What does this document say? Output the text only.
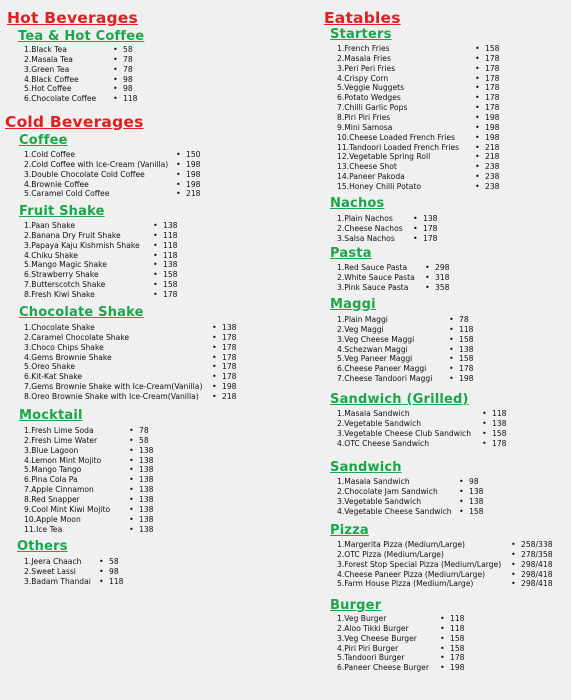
Hot Beverages
Tea & Hot Coffee
Cold Beverages
Coffee
Fruit Shake
Chocolate Shake
Mocktail
Others
Eatables
Starters
Nachos
Pasta
Maggi
Sandwich (Grilled)
Sandwich
Pizza
Burger
1.Black Tea	• 58
2.Masala Tea	• 78
3.Green Tea	• 78
4.Black Coffee	• 98
5.Hot Coffee	• 98
6.Chocolate Coffee	• 118
1.Cold Coffee	• 150
2.Cold Coffee with Ice-Cream (Vanilla) • 198
3.Double Chocolate Cold Coffee	• 198
4.Brownie Coffee	• 198
5.Caramel Cold Coffee	• 218
1.Paan Shake	• 138
2.Banana Dry Fruit Shake	• 118
3.Papaya Kaju Kishmish Shake	• 118
4.Chiku Shake	• 118
5.Mango Magic Shake	• 138
6.Strawberry Shake	• 158
7.Butterscotch Shake	• 158
8.Fresh Kiwi Shake	• 178
1.Chocolate Shake	• 138
2.Caramel Chocolate Shake	• 178
3.Choco Chips Shake	• 178
4.Gems Brownie Shake	• 178
5.Oreo Shake	• 178
6.Kit-Kat Shake	• 178
7.Gems Brownie Shake with Ice-Cream(Vanilla)	• 198
8.Oreo Brownie Shake with Ice-Cream(Vanilla)	• 218
1.Fresh Lime Soda	• 78
2.Fresh Lime Water	• 58
3.Blue Lagoon	• 138
4.Lemon Mint Mojito	• 138
5.Mango Tango	• 138
6.Pina Cola Pa	• 138
7.Apple Cinnamon	• 138
8.Red Snapper	• 138
9.Cool Mint Kiwi Mojito	• 138
10.Apple Moon	• 138
11.Ice Tea	• 138
1.Jeera Chaach	• 58
2.Sweet Lassi	• 98
3.Badam Thandai • 118
1.French Fries	• 158
2.Masala Fries	• 178
3.Peri Peri Fries	• 178
4.Crispy Corn	• 178
5.Veggie Nuggets	• 178
6.Potato Wedges	• 178
7.Chilli Garlic Pops	• 178
8.Piri Piri Fries	• 198
9.Mini Samosa	• 198
10.Cheese Loaded French Fries	• 198
11.Tandoori Loaded French Fries	• 218
12.Vegetable Spring Roll	• 218
13.Cheese Shot	• 238
14.Paneer Pakoda	• 238
15.Honey Chilli Potato	• 238
1.Plain Nachos	• 138
2.Cheese Nachos	• 178
3.Salsa Nachos	• 178
1.Red Sauce Pasta	• 298
2.White Sauce Pasta	• 318
3.Pink Sauce Pasta	• 358
1.Plain Maggi	• 78
2.Veg Maggi	• 118
3.Veg Cheese Maggi	• 158
4.Schezwan Maggi	• 138
5.Veg Paneer Maggi	• 158
6.Cheese Paneer Maggi	• 178
7.Cheese Tandoori Maggi	• 198
1.Masala Sandwich	• 118
2.Vegetable Sandwich	• 138
3.Vegetable Cheese Club Sandwich	• 158
4.OTC Cheese Sandwich	• 178
1.Masala Sandwich	• 98
2.Chocolate Jam Sandwich	• 138
3.Vegetable Sandwich	• 138
4.Vegetable Cheese Sandwich • 158
1.Margerita Pizza (Medium/Large)	• 258/338
2.OTC Pizza (Medium/Large)	• 278/358
3.Forest Stop Special Pizza (Medium/Large)	• 298/418
4.Cheese Paneer Pizza (Medium/Large)	• 298/418
5.Farm House Pizza (Medium/Large)	• 298/418
1.Veg Burger	• 118
2.Aloo Tikki Burger	• 118
3.Veg Cheese Burger	• 158
4.Piri Piri Burger	• 158
5.Tandoori Burger	• 178
6.Paneer Cheese Burger	• 198
